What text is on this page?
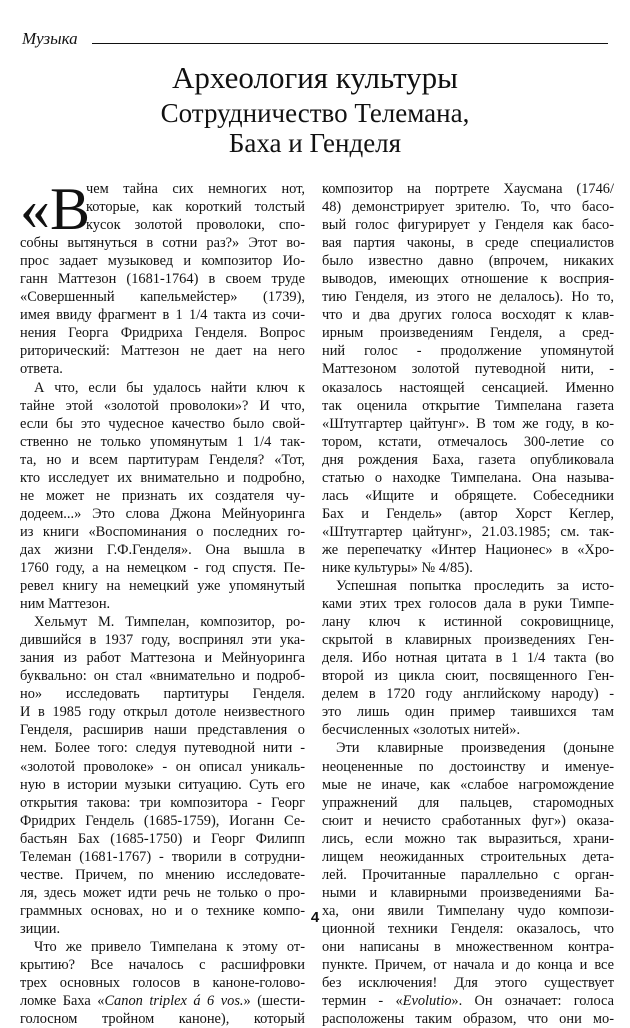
Музыка
Археология культуры
Сотрудничество Телемана,
Баха и Генделя
«В
чем тайна сих немногих нот,
которые, как короткий толстый
кусок золотой проволоки, спо-
собны вытянуться в сотни раз?» Этот во-
прос задает музыковед и композитор Ио-
ганн Маттезон (1681-1764) в своем труде
«Совершенный капельмейстер» (1739),
имея ввиду фрагмент в 1 1/4 такта из сочи-
нения Георга Фридриха Генделя. Вопрос
риторический: Маттезон не дает на него
ответа.
А что, если бы удалось найти ключ к
тайне этой «золотой проволоки»? И что,
если бы это чудесное качество было свой-
ственно не только упомянутым 1 1/4 так-
та, но и всем партитурам Генделя? «Тот,
кто исследует их внимательно и подробно,
не может не признать их создателя чу-
додеем...» Это слова Джона Мейнуоринга
из книги «Воспоминания о последних го-
дах жизни Г.Ф.Генделя». Она вышла в
1760 году, а на немецком - год спустя. Пе-
ревел книгу на немецкий уже упомянутый
ним Маттезон.
Хельмут М. Тимпелан, композитор, ро-
дившийся в 1937 году, воспринял эти ука-
зания из работ Маттезона и Мейнуоринга
буквально: он стал «внимательно и подроб-
но» исследовать партитуры Генделя.
И в 1985 году открыл дотоле неизвестного
Генделя, расширив наши представления о
нем. Более того: следуя путеводной нити -
«золотой проволоке» - он описал уникаль-
ную в истории музыки ситуацию. Суть его
открытия такова: три композитора - Георг
Фридрих Гендель (1685-1759), Иоганн Се-
бастьян Бах (1685-1750) и Георг Филипп
Телеман (1681-1767) - творили в сотрудни-
честве. Причем, по мнению исследовате-
ля, здесь может идти речь не только о про-
граммных основах, но и о технике компо-
зиции.
Что же привело Тимпелана к этому от-
крытию? Все началось с расшифровки
трех основных голосов в каноне-голово-
ломке Баха «Canon triplex á 6 vos.» (шести-
голосном тройном каноне), который
композитор на портрете Хаусмана (1746/
48) демонстрирует зрителю. То, что басо-
вый голос фигурирует у Генделя как басо-
вая партия чаконы, в среде специалистов
было известно давно (впрочем, никаких
выводов, имеющих отношение к восприя-
тию Генделя, из этого не делалось). Но то,
что и два других голоса восходят к клав-
ирным произведениям Генделя, а сред-
ний голос - продолжение упомянутой
Маттезоном золотой путеводной нити, -
оказалось настоящей сенсацией. Именно
так оценила открытие Тимпелана газета
«Штутгартер цайтунг». В том же году, в ко-
тором, кстати, отмечалось 300-летие со
дня рождения Баха, газета опубликовала
статью о находке Тимпелана. Она называ-
лась «Ищите и обрящете. Собеседники
Бах и Гендель» (автор Хорст Кеглер,
«Штутгартер цайтунг», 21.03.1985; см. так-
же перепечатку «Интер Национес» в «Хро-
нике культуры» № 4/85).
Успешная попытка проследить за исто-
ками этих трех голосов дала в руки Тимпе-
лану ключ к истинной сокровищнице,
скрытой в клавирных произведениях Ген-
деля. Ибо нотная цитата в 1 1/4 такта (во
второй из цикла сюит, посвященного Ген-
делем в 1720 году английскому народу) -
это лишь один пример таившихся там
бесчисленных «золотых нитей».
Эти клавирные произведения (донынe
неоцененные по достоинству и именуе-
мые не иначе, как «слабое нагромождение
упражнений для пальцев, старомодных
сюит и нечисто сработанных фуг») оказа-
лись, если можно так выразиться, храни-
лищем неожиданных строительных дета-
лей. Прочитанные параллельно с орган-
ными и клавирными произведениями Ба-
ха, они явили Тимпелану чудо компози-
ционной техники Генделя: оказалось, что
они написаны в множественном контра-
пункте. Причем, от начала и до конца и все
без исключения! Для этого существует
термин - «Evolutio». Он означает: голоса
расположены таким образом, что они мо-
4
